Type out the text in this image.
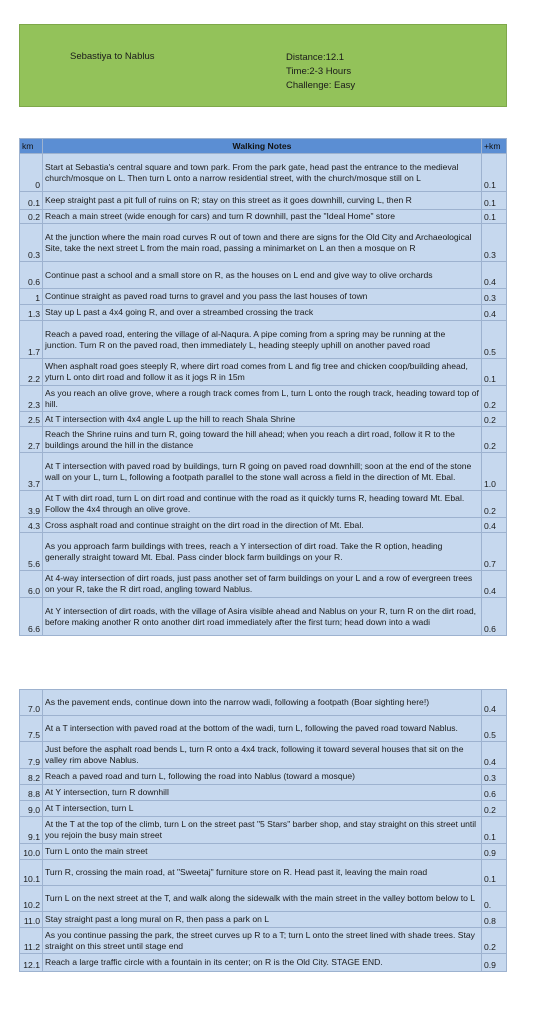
Sebastiya to Nablus	Distance:12.1
Time:2-3 Hours
Challenge: Easy
km	Walking Notes	+km
0	Start at Sebastia's central square and town park. From the park gate, head past the entrance to the medieval church/mosque on L. Then turn L onto a narrow residential street, with the church/mosque still on L	0.1
0.1	Keep straight past a pit full of ruins on R; stay on this street as it goes downhill, curving L, then R	0.1
0.2	Reach a main street (wide enough for cars) and turn R downhill, past the "Ideal Home" store	0.1
0.3	At the junction where the main road curves R out of town and there are signs for the Old City and Archaeological Site, take the next street L from the main road, passing a minimarket on L an then a mosque on R	0.3
0.6	Continue past a school and a small store on R, as the houses on L end and give way to olive orchards	0.4
1	Continue straight as paved road turns to gravel and you pass the last houses of town	0.3
1.3	Stay up L past a 4x4 going R, and over a streambed crossing the track	0.4
1.7	Reach a paved road, entering the village of al-Naqura. A pipe coming from a spring may be running at the junction. Turn R on the paved road, then immediately L, heading steeply uphill on another paved road	0.5
2.2	When asphalt road goes steeply R, where dirt road comes from L and fig tree and chicken coop/building ahead, yturn L onto dirt road and follow it as it jogs R in 15m	0.1
2.3	As you reach an olive grove, where a rough track comes from L, turn L onto the rough track, heading toward top of hill.	0.2
2.5	At T intersection with 4x4 angle L up the hill to reach Shala Shrine	0.2
2.7	Reach the Shrine ruins and turn R, going toward the hill ahead; when you reach a dirt road, follow it R to the buildings around the hill in the distance	0.2
3.7	At T intersection with paved road by buildings, turn R going on paved road downhill; soon at the end of the stone wall on your L, turn L, following a footpath parallel to the stone wall across a field in the direction of Mt. Ebal.	1.0
3.9	At T with dirt road, turn L on dirt road and continue with the road as it quickly turns R, heading toward Mt. Ebal. Follow the 4x4 through an olive grove.	0.2
4.3	Cross asphalt road and continue straight on the dirt road in the direction of Mt. Ebal.	0.4
5.6	As you approach farm buildings with trees, reach a Y intersection of dirt road. Take the R option, heading generally straight toward Mt. Ebal. Pass cinder block farm buildings on your R.	0.7
6.0	At 4-way intersection of dirt roads, just pass another set of farm buildings on your L and a row of evergreen trees on your R, take the R dirt road, angling toward Nablus.	0.4
6.6	At Y intersection of dirt roads, with the village of Asira visible ahead and Nablus on your R, turn R on the dirt road, before making another R onto another dirt road immediately after the first turn; head down into a wadi	0.6
7.0	As the pavement ends, continue down into the narrow wadi, following a footpath (Boar sighting here!)	0.4
7.5	At a T intersection with paved road at the bottom of the wadi, turn L, following the paved road toward Nablus.	0.5
7.9	Just before the asphalt road bends L, turn R onto a 4x4 track, following it toward several houses that sit on the valley rim above Nablus.	0.4
8.2	Reach a paved road and turn L, following the road into Nablus (toward a mosque)	0.3
8.8	At Y intersection, turn R downhill	0.6
9.0	At T intersection, turn L	0.2
9.1	At the T at the top of the climb, turn L on the street past "5 Stars" barber shop, and stay straight on this street until you rejoin the busy main street	0.1
10.0	Turn L onto the main street	0.9
10.1	Turn R, crossing the main road, at "Sweetaj" furniture store on R. Head past it, leaving the main road	0.1
10.2	Turn L on the next street at the T, and walk along the sidewalk with the main street in the valley bottom below to L	0.
11.0	Stay straight past a long mural on R, then pass a park on L	0.8
11.2	As you continue passing the park, the street curves up R to a T; turn L onto the street lined with shade trees. Stay straight on this street until stage end	0.2
12.1	Reach a large traffic circle with a fountain in its center; on R is the Old City. STAGE END.	0.9
